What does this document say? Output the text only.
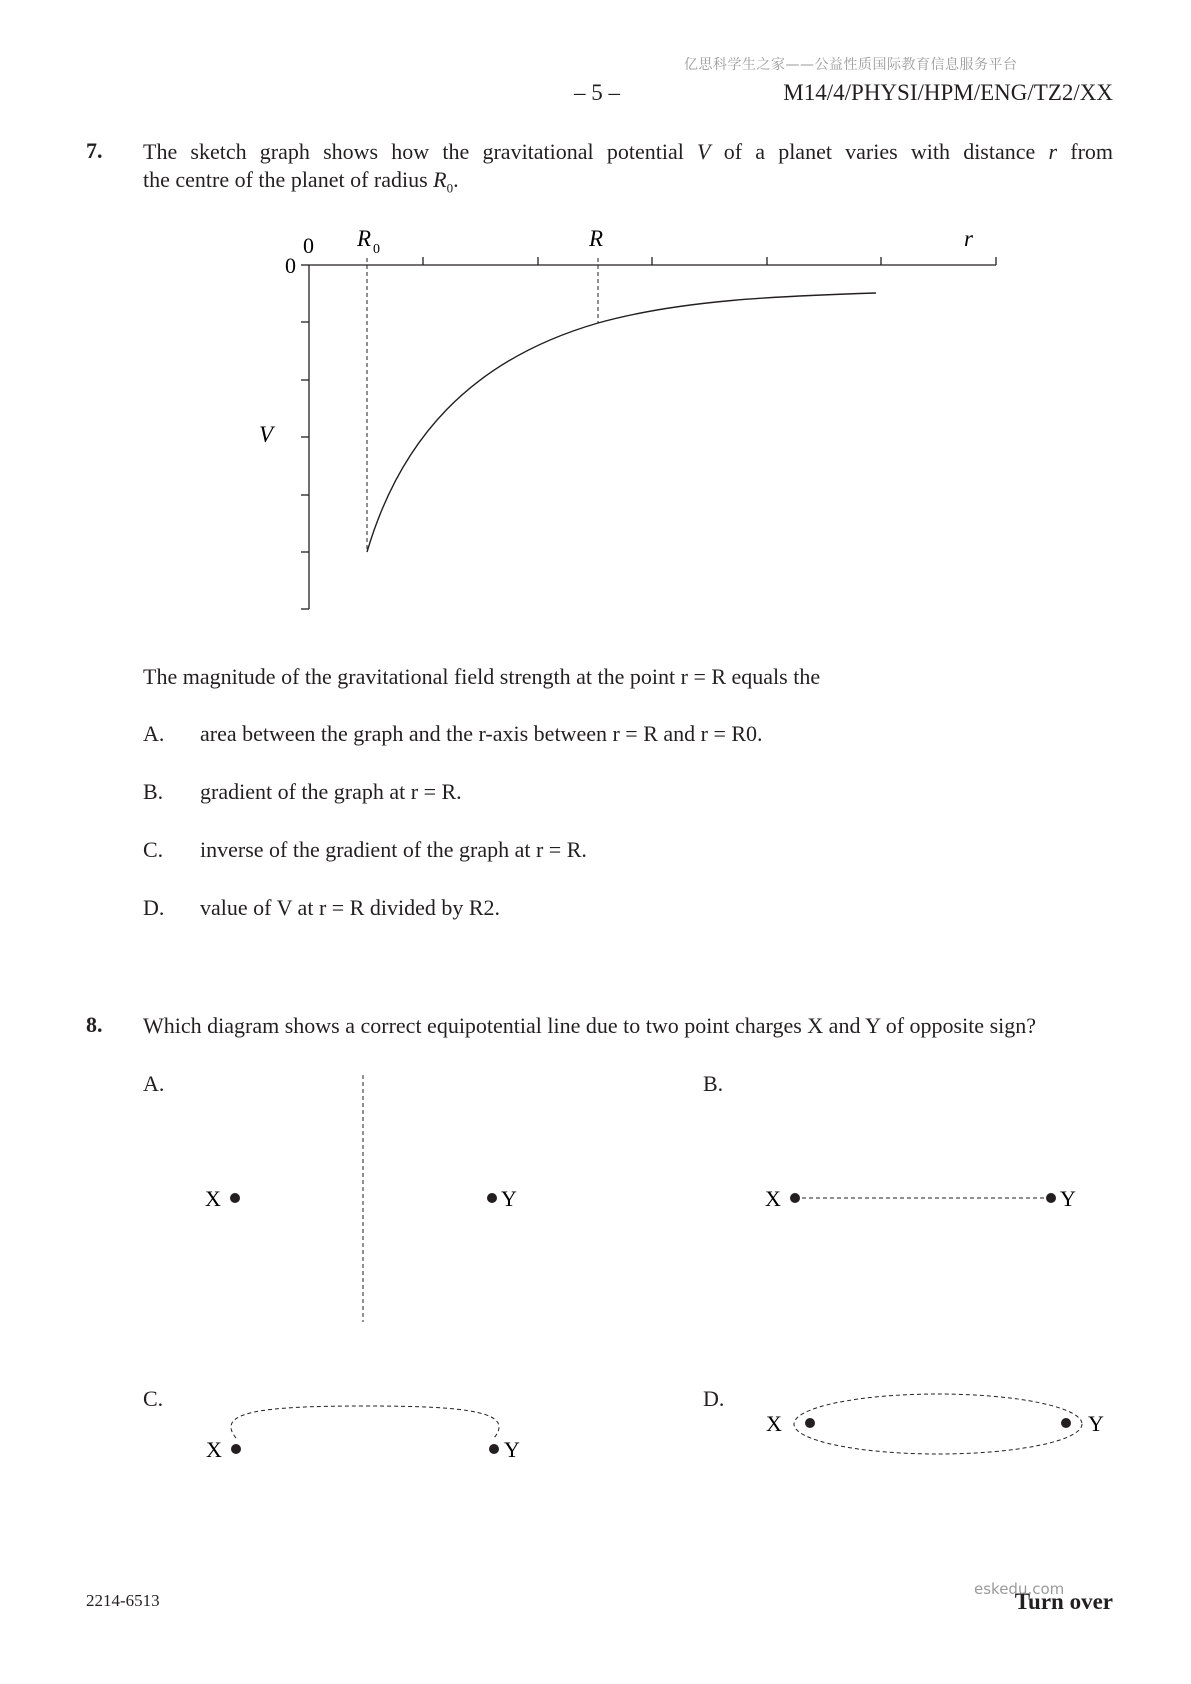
亿思科学生之家——公益性质国际教育信息服务平台
– 5 –	M14/4/PHYSI/HPM/ENG/TZ2/XX
7. The sketch graph shows how the gravitational potential V of a planet varies with distance r from
the centre of the planet of radius $R_0$.
0
0
R 0	R	r
V
The magnitude of the gravitational field strength at the point r = R equals the
A. area between the graph and the r-axis between r = R and r = R0.
B. gradient of the graph at r = R.
C. inverse of the gradient of the graph at r = R.
D. value of V at r = R divided by R2.
8. Which diagram shows a correct equipotential line due to two point charges X and Y of opposite sign?
A.	B.
C.	D.
X	Y	X	Y
X	Y
X	Y
2214-6513	Turn over
eskedu.com
